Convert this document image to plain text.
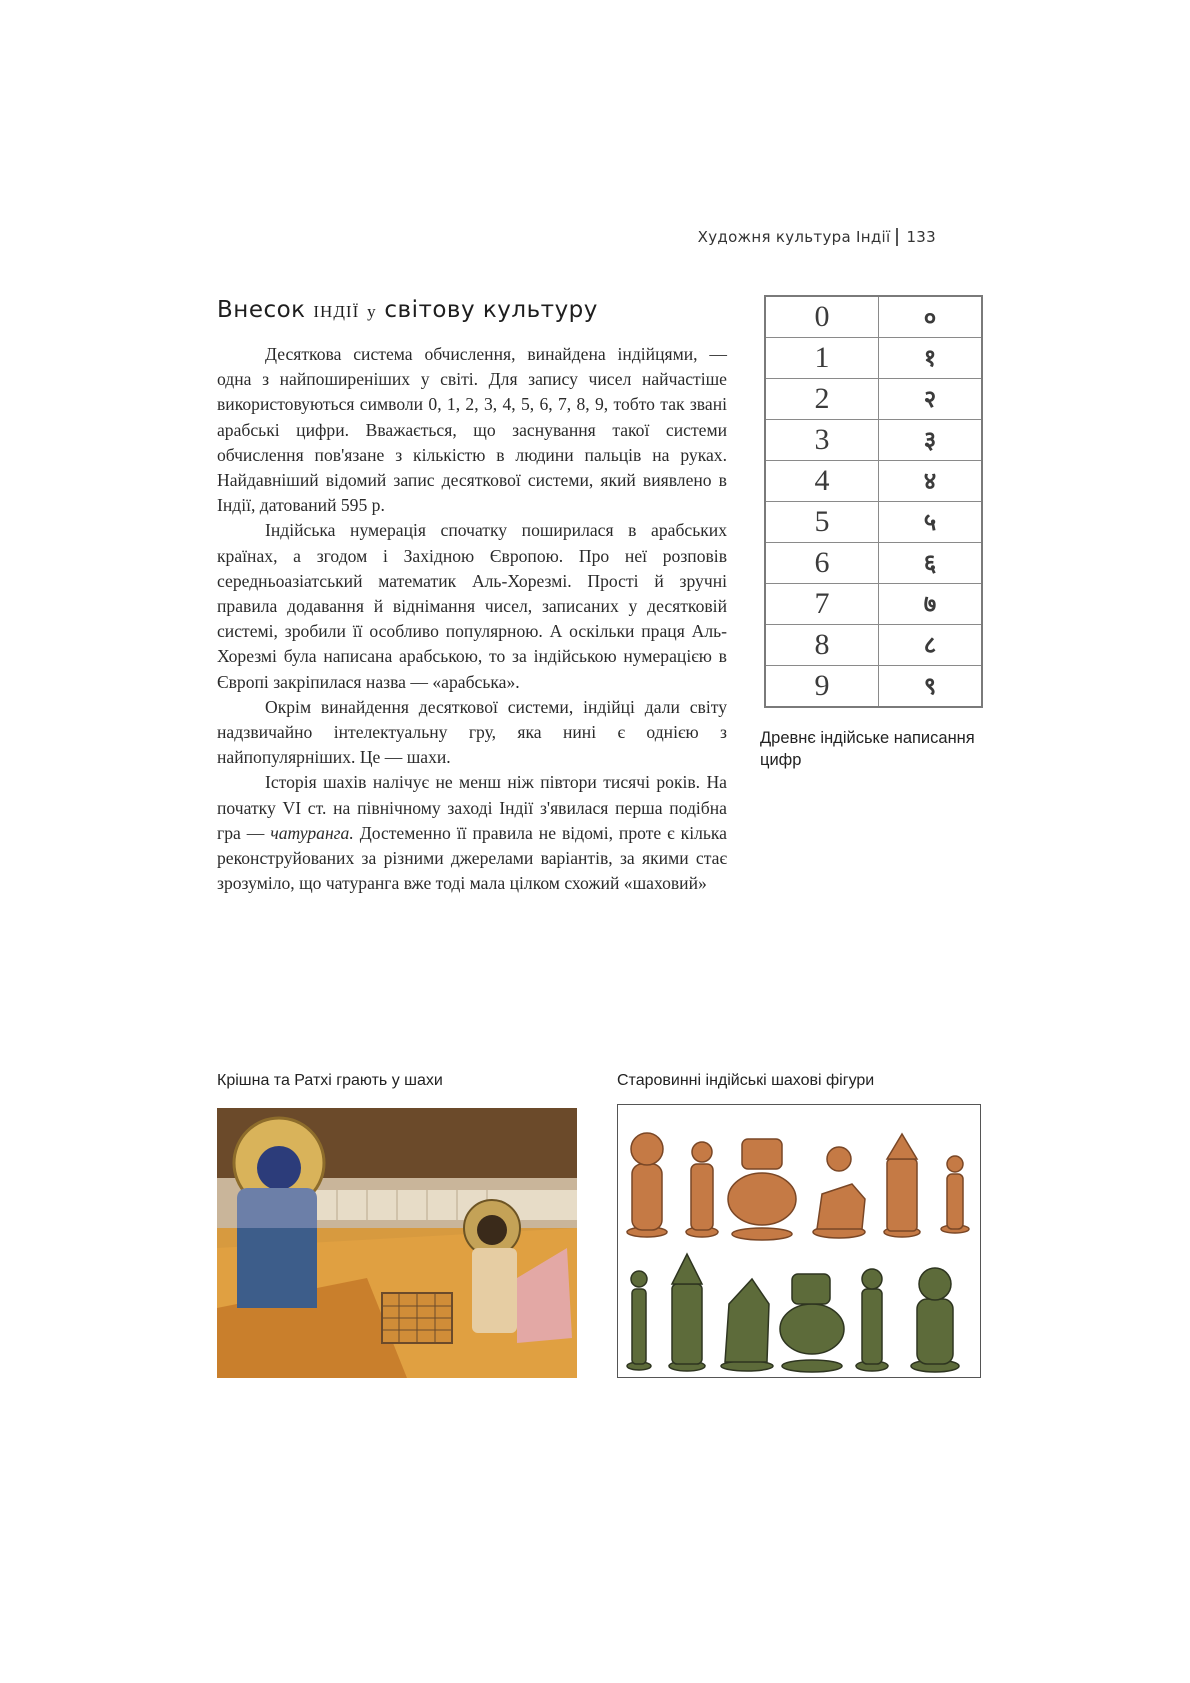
Художня культура Індії 133
Внесок ІНДІЇ у світову культуру

Десяткова система обчислення, винайдена індійцями, — одна з найпоширеніших у світі. Для запису чисел найчастіше використовуються символи 0, 1, 2, 3, 4, 5, 6, 7, 8, 9, тобто так звані арабські цифри. Вважається, що заснування такої системи обчислення пов'язане з кількістю в людини пальців на руках. Найдавніший відомий запис десяткової системи, який виявлено в Індії, датований 595 р.

Індійська нумерація спочатку поширилася в арабських країнах, а згодом і Західною Європою. Про неї розповів середньоазіатський математик Аль-Хорезмі. Прості й зручні правила додавання й віднімання чисел, записаних у десятковій системі, зробили її особливо популярною. А оскільки праця Аль-Хорезмі була написана арабською, то за індійською нумерацією в Європі закріпилася назва — «арабська».

Окрім винайдення десяткової системи, індійці дали світу надзвичайно інтелектуальну гру, яка нині є однією з найпопулярніших. Це — шахи.

Історія шахів налічує не менш ніж півтори тисячі років. На початку VI ст. на північному заході Індії з'явилася перша подібна гра — чатуранга. Достеменно її правила не відомі, проте є кілька реконструйованих за різними джерелами варіантів, за якими стає зрозуміло, що чатуранга вже тоді мала цілком схожий «шаховий»

0	०
1	१
2	२
3	३
4	४
5	५
6	६
7	७
8	८
9	९
Древнє індійське написання цифр
Крішна та Ратхі грають у шахи	Старовинні індійські шахові фігури
